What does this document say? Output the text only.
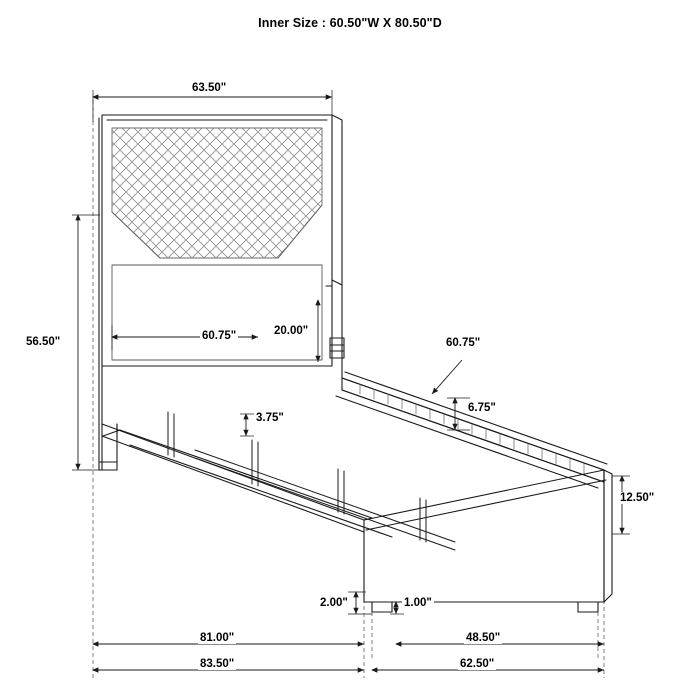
Inner Size : 60.50"W X 80.50"D
63.50"
56.50"	60.75"	20.00"
60.75"
6.75"
3.75"
12.50"
2.00"	1.00"
81.00"	48.50"
83.50"	62.50"
